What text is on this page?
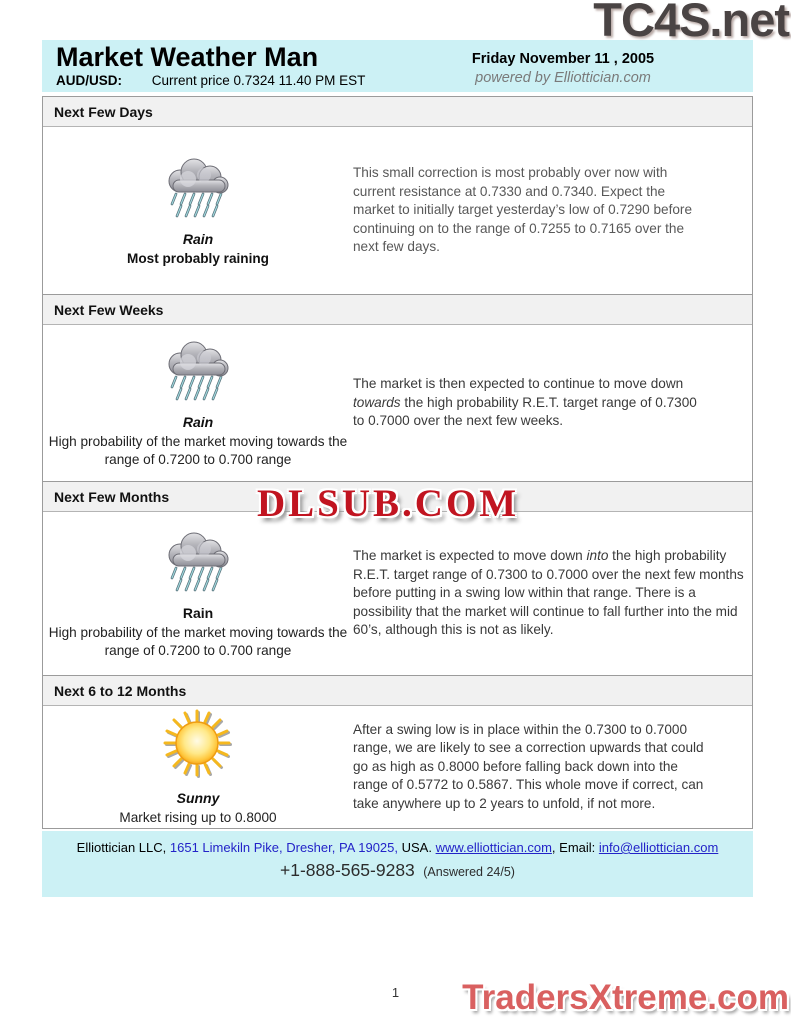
TC4S.net
Market Weather Man
AUD/USD: Current price 0.7324 11.40 PM EST
Friday November 11 , 2005
powered by Elliottician.com
Next Few Days
Rain
Most probably raining
This small correction is most probably over now with current resistance at 0.7330 and 0.7340. Expect the market to initially target yesterday’s low of 0.7290 before continuing on to the range of 0.7255 to 0.7165 over the next few days.
Next Few Weeks
Rain
High probability of the market moving towards the range of 0.7200 to 0.700 range
The market is then expected to continue to move down towards the high probability R.E.T. target range of 0.7300 to 0.7000 over the next few weeks.
Next Few Months
Rain
High probability of the market moving towards the range of 0.7200 to 0.700 range
The market is expected to move down into the high probability R.E.T. target range of 0.7300 to 0.7000 over the next few months before putting in a swing low within that range. There is a possibility that the market will continue to fall further into the mid 60’s, although this is not as likely.
Next 6 to 12 Months
Sunny
Market rising up to 0.8000
After a swing low is in place within the 0.7300 to 0.7000 range, we are likely to see a correction upwards that could go as high as 0.8000 before falling back down into the range of 0.5772 to 0.5867. This whole move if correct, can take anywhere up to 2 years to unfold, if not more.
DLSUB.COM
Elliottician LLC, 1651 Limekiln Pike, Dresher, PA 19025, USA. www.elliottician.com, Email: info@elliottician.com
+1-888-565-9283 (Answered 24/5)
1 TradersXtreme.com
